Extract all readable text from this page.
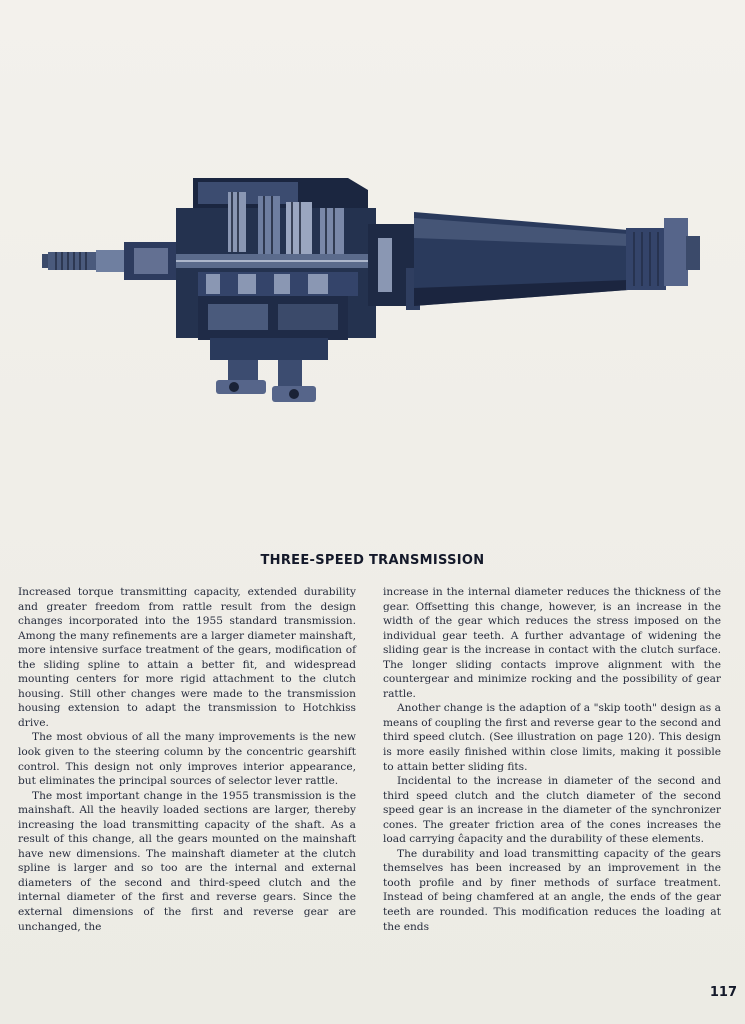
THREE-SPEED TRANSMISSION

Increased torque transmitting capacity, extended durability and greater freedom from rattle result from the design changes incorporated into the 1955 standard transmission. Among the many refinements are a larger diameter mainshaft, more intensive surface treatment of the gears, modification of the sliding spline to attain a better fit, and widespread mounting centers for more rigid attachment to the clutch housing. Still other changes were made to the transmission housing extension to adapt the transmission to Hotchkiss drive.

The most obvious of all the many improvements is the new look given to the steering column by the concentric gearshift control. This design not only improves interior appearance, but eliminates the principal sources of selector lever rattle.

The most important change in the 1955 transmission is the mainshaft. All the heavily loaded sections are larger, thereby increasing the load transmitting capacity of the shaft. As a result of this change, all the gears mounted on the mainshaft have new dimensions. The mainshaft diameter at the clutch spline is larger and so too are the internal and external diameters of the second and third-speed clutch and the internal diameter of the first and reverse gears. Since the external dimensions of the first and reverse gear are unchanged, the

increase in the internal diameter reduces the thickness of the gear. Offsetting this change, however, is an increase in the width of the gear which reduces the stress imposed on the individual gear teeth. A further advantage of widening the sliding gear is the increase in contact with the clutch surface. The longer sliding contacts improve alignment with the countergear and minimize rocking and the possibility of gear rattle.

Another change is the adaption of a "skip tooth" design as a means of coupling the first and reverse gear to the second and third speed clutch. (See illustration on page 120). This design is more easily finished within close limits, making it possible to attain better sliding fits.

Incidental to the increase in diameter of the second and third speed clutch and the clutch diameter of the second speed gear is an increase in the diameter of the synchronizer cones. The greater friction area of the cones increases the load carrying ĉapacity and the durability of these elements.

The durability and load transmitting capacity of the gears themselves has been increased by an improvement in the tooth profile and by finer methods of surface treatment. Instead of being chamfered at an angle, the ends of the gear teeth are rounded. This modification reduces the loading at the ends

117
